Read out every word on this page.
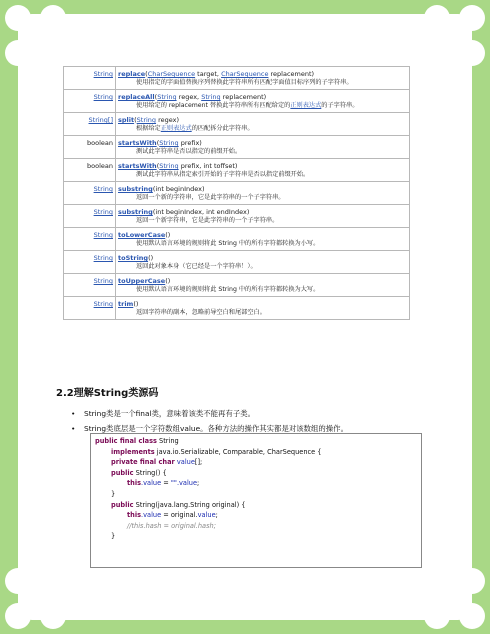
String	replace(CharSequence target, CharSequence replacement)
使用指定的字面值替换序列替换此字符串所有匹配字面值目标序列的子字符串。

String	replaceAll(String regex, String replacement)
使用给定的 replacement 替换此字符串所有匹配给定的正则表达式的子字符串。

String[]	split(String regex)
根据给定正则表达式的匹配拆分此字符串。

boolean	startsWith(String prefix)
测试此字符串是否以指定的前缀开始。

boolean	startsWith(String prefix, int toffset)
测试此字符串从指定索引开始的子字符串是否以指定前缀开始。

String	substring(int beginIndex)
返回一个新的字符串，它是此字符串的一个子字符串。

String	substring(int beginIndex, int endIndex)
返回一个新字符串，它是此字符串的一个子字符串。

String	toLowerCase()
使用默认语言环境的规则将此 String 中的所有字符都转换为小写。

String	toString()
返回此对象本身（它已经是一个字符串！）。

String	toUpperCase()
使用默认语言环境的规则将此 String 中的所有字符都转换为大写。

String	trim()
返回字符串的副本，忽略前导空白和尾部空白。
2.2理解String类源码
• String类是一个final类，意味着该类不能再有子类。
• String类底层是一个字符数组value。各种方法的操作其实都是对该数组的操作。
public final class String
implements java.io.Serializable, Comparable, CharSequence {
private final char value[];
public String() {
this.value = "".value;
}
public String(java.lang.String original) {
this.value = original.value;
//this.hash = original.hash;
}
